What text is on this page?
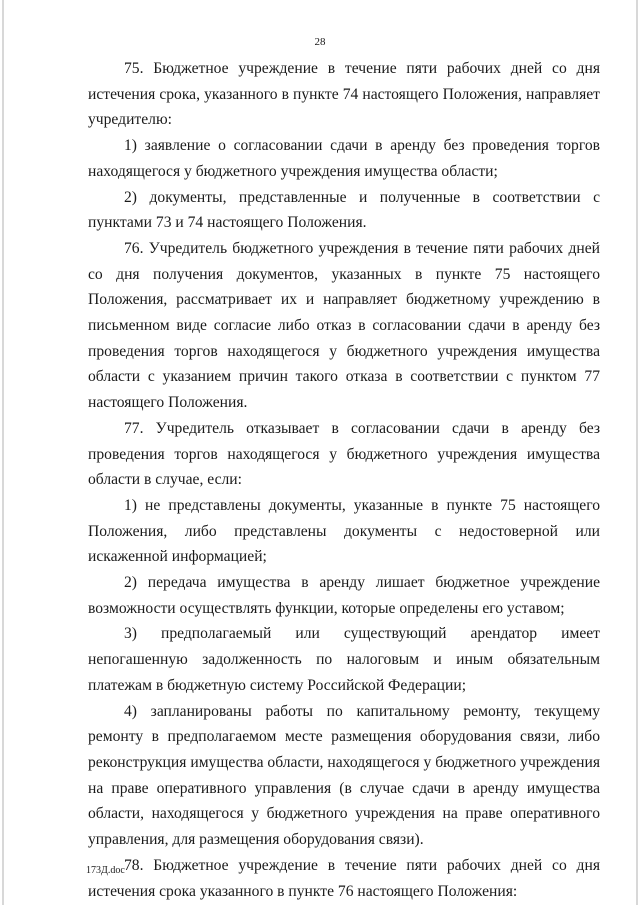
28

75. Бюджетное учреждение в течение пяти рабочих дней со дня истечения срока, указанного в пункте 74 настоящего Положения, направляет учредителю:

1) заявление о согласовании сдачи в аренду без проведения торгов находящегося у бюджетного учреждения имущества области;

2) документы, представленные и полученные в соответствии с пунктами 73 и 74 настоящего Положения.

76. Учредитель бюджетного учреждения в течение пяти рабочих дней со дня получения документов, указанных в пункте 75 настоящего Положения, рассматривает их и направляет бюджетному учреждению в письменном виде согласие либо отказ в согласовании сдачи в аренду без проведения торгов находящегося у бюджетного учреждения имущества области с указанием причин такого отказа в соответствии с пунктом 77 настоящего Положения.

77. Учредитель отказывает в согласовании сдачи в аренду без проведения торгов находящегося у бюджетного учреждения имущества области в случае, если:

1) не представлены документы, указанные в пункте 75 настоящего Положения, либо представлены документы с недостоверной или искаженной информацией;

2) передача имущества в аренду лишает бюджетное учреждение возможности осуществлять функции, которые определены его уставом;

3) предполагаемый или существующий арендатор имеет непогашенную задолженность по налоговым и иным обязательным платежам в бюджетную систему Российской Федерации;

4) запланированы работы по капитальному ремонту, текущему ремонту в предполагаемом месте размещения оборудования связи, либо реконструкция имущества области, находящегося у бюджетного учреждения на праве оперативного управления (в случае сдачи в аренду имущества области, находящегося у бюджетного учреждения на праве оперативного управления, для размещения оборудования связи).

78. Бюджетное учреждение в течение пяти рабочих дней со дня истечения срока указанного в пункте 76 настоящего Положения:

173Д.doc
